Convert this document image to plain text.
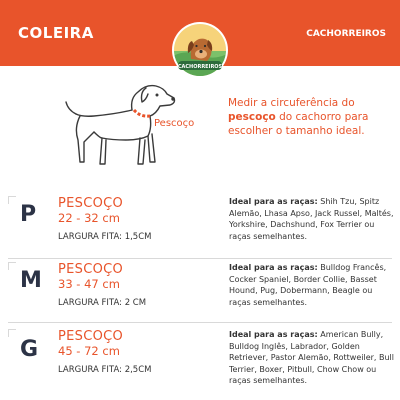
COLEIRA	CACHORREIROS
CACHORREIROS
Pescoço
Medir a circuferência do pescoço do cachorro para escolher o tamanho ideal.
P PESCOÇO
22 - 32 cm
LARGURA FITA: 1,5CM
Ideal para as raças: Shih Tzu, Spitz Alemão, Lhasa Apso, Jack Russel, Maltés, Yorkshire, Dachshund, Fox Terrier ou raças semelhantes.
M PESCOÇO
33 - 47 cm
LARGURA FITA: 2 CM
Ideal para as raças: Bulldog Francês, Cocker Spaniel, Border Collie, Basset Hound, Pug, Dobermann, Beagle ou raças semelhantes.
G
PESCOÇO
45 - 72 cm
LARGURA FITA: 2,5CM
Ideal para as raças: American Bully, Bulldog Inglês, Labrador, Golden Retriever, Pastor Alemão, Rottweiler, Bull Terrier, Boxer, Pitbull, Chow Chow ou raças semelhantes.
